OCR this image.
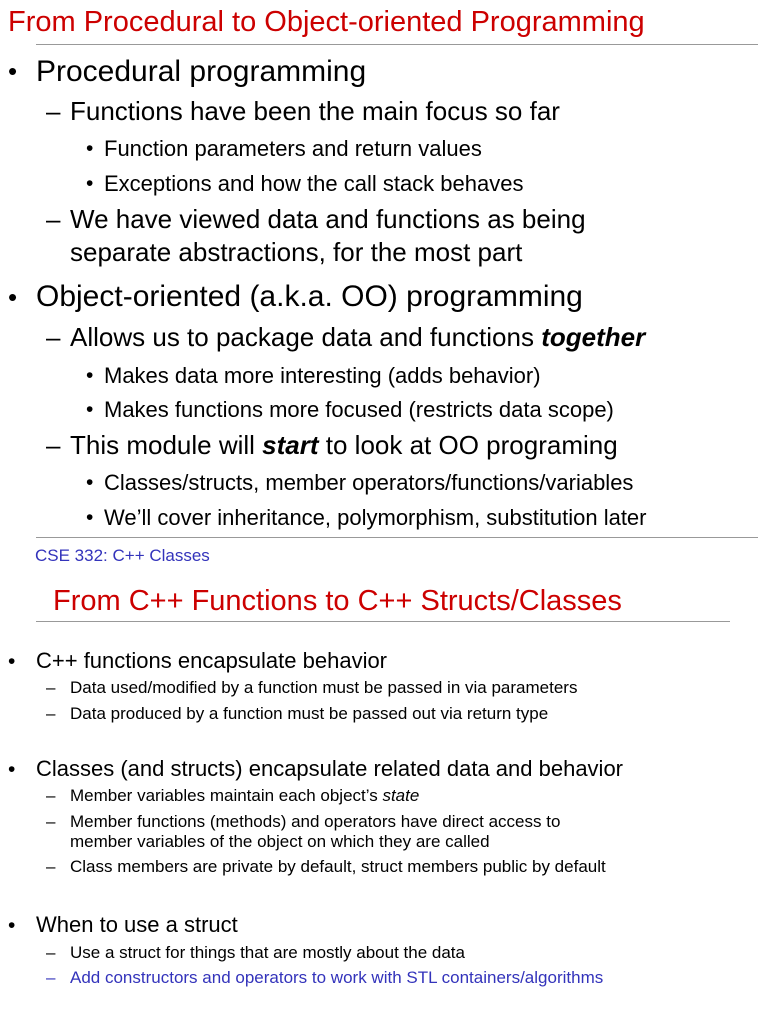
From Procedural to Object-oriented Programming
• Procedural programming
– Functions have been the main focus so far
• Function parameters and return values
• Exceptions and how the call stack behaves
– We have viewed data and functions as being
separate abstractions, for the most part
• Object-oriented (a.k.a. OO) programming
– Allows us to package data and functions together
• Makes data more interesting (adds behavior)
• Makes functions more focused (restricts data scope)
– This module will start to look at OO programing
• Classes/structs, member operators/functions/variables
• We’ll cover inheritance, polymorphism, substitution later
CSE 332: C++ Classes
From C++ Functions to C++ Structs/Classes
• C++ functions encapsulate behavior
– Data used/modified by a function must be passed in via parameters
– Data produced by a function must be passed out via return type
• Classes (and structs) encapsulate related data and behavior
– Member variables maintain each object’s state
– Member functions (methods) and operators have direct access to
member variables of the object on which they are called
– Class members are private by default, struct members public by default
• When to use a struct
– Use a struct for things that are mostly about the data
– Add constructors and operators to work with STL containers/algorithms
